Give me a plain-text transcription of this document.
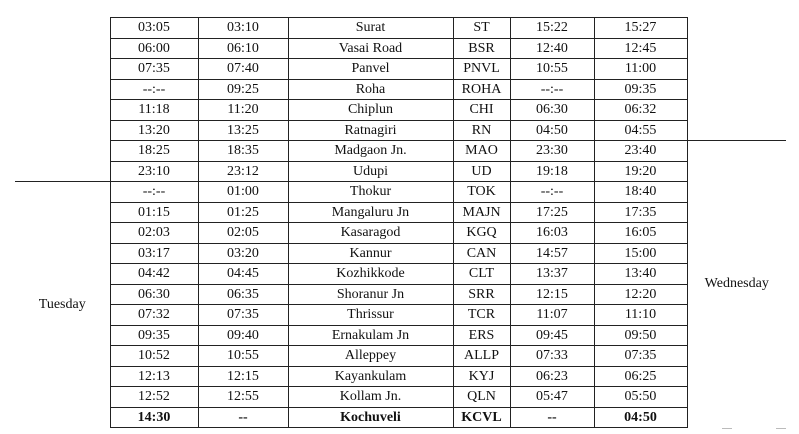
	03:05	03:10	Surat	ST	15:22	15:27	
	06:00	06:10	Vasai Road	BSR	12:40	12:45	
	07:35	07:40	Panvel	PNVL	10:55	11:00	
	--:--	09:25	Roha	ROHA	--:--	09:35	
	11:18	11:20	Chiplun	CHI	06:30	06:32	
	13:20	13:25	Ratnagiri	RN	04:50	04:55	
	18:25	18:35	Madgaon Jn.	MAO	23:30	23:40	Wednesday
	23:10	23:12	Udupi	UD	19:18	19:20	
Tuesday	--:--	01:00	Thokur	TOK	--:--	18:40	
	01:15	01:25	Mangaluru Jn	MAJN	17:25	17:35	
	02:03	02:05	Kasaragod	KGQ	16:03	16:05	
	03:17	03:20	Kannur	CAN	14:57	15:00	
	04:42	04:45	Kozhikkode	CLT	13:37	13:40	
	06:30	06:35	Shoranur Jn	SRR	12:15	12:20	
	07:32	07:35	Thrissur	TCR	11:07	11:10	
	09:35	09:40	Ernakulam Jn	ERS	09:45	09:50	
	10:52	10:55	Alleppey	ALLP	07:33	07:35	
	12:13	12:15	Kayankulam	KYJ	06:23	06:25	
	12:52	12:55	Kollam Jn.	QLN	05:47	05:50	
	14:30	--	Kochuveli	KCVL	--	04:50	
